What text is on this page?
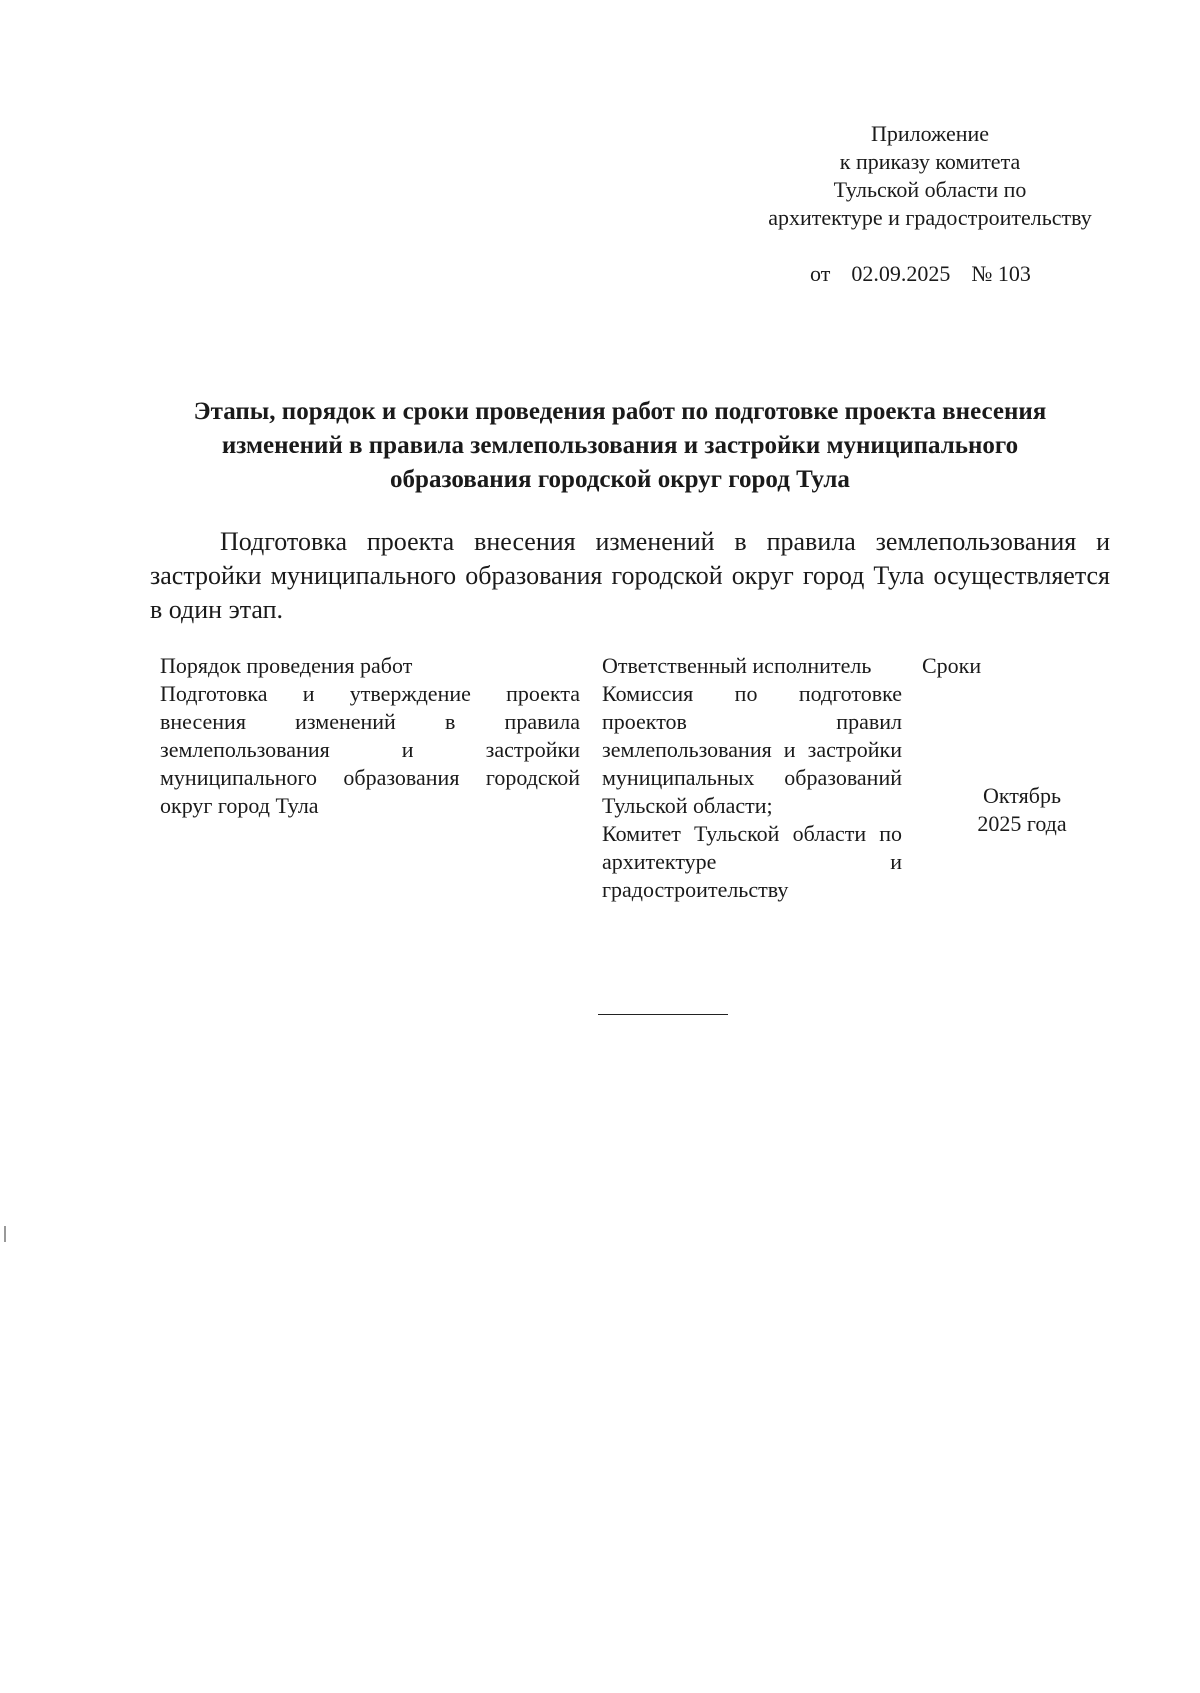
Приложение
к приказу комитета
Тульской области по
архитектуре и градостроительству
от 02.09.2025 № 103
Этапы, порядок и сроки проведения работ по подготовке проекта внесения
изменений в правила землепользования и застройки муниципального
образования городской округ город Тула
Подготовка проекта внесения изменений в правила землепользования и застройки муниципального образования городской округ город Тула осуществляется в один этап.
Порядок проведения работ
Подготовка и утверждение проекта внесения изменений в правила землепользования и застройки муниципального образования городской округ город Тула
Ответственный исполнитель
Комиссия по подготовке проектов правил землепользования и застройки муниципальных образований Тульской области;
Комитет Тульской области по архитектуре и градостроительству
Сроки
Октябрь
2025 года
